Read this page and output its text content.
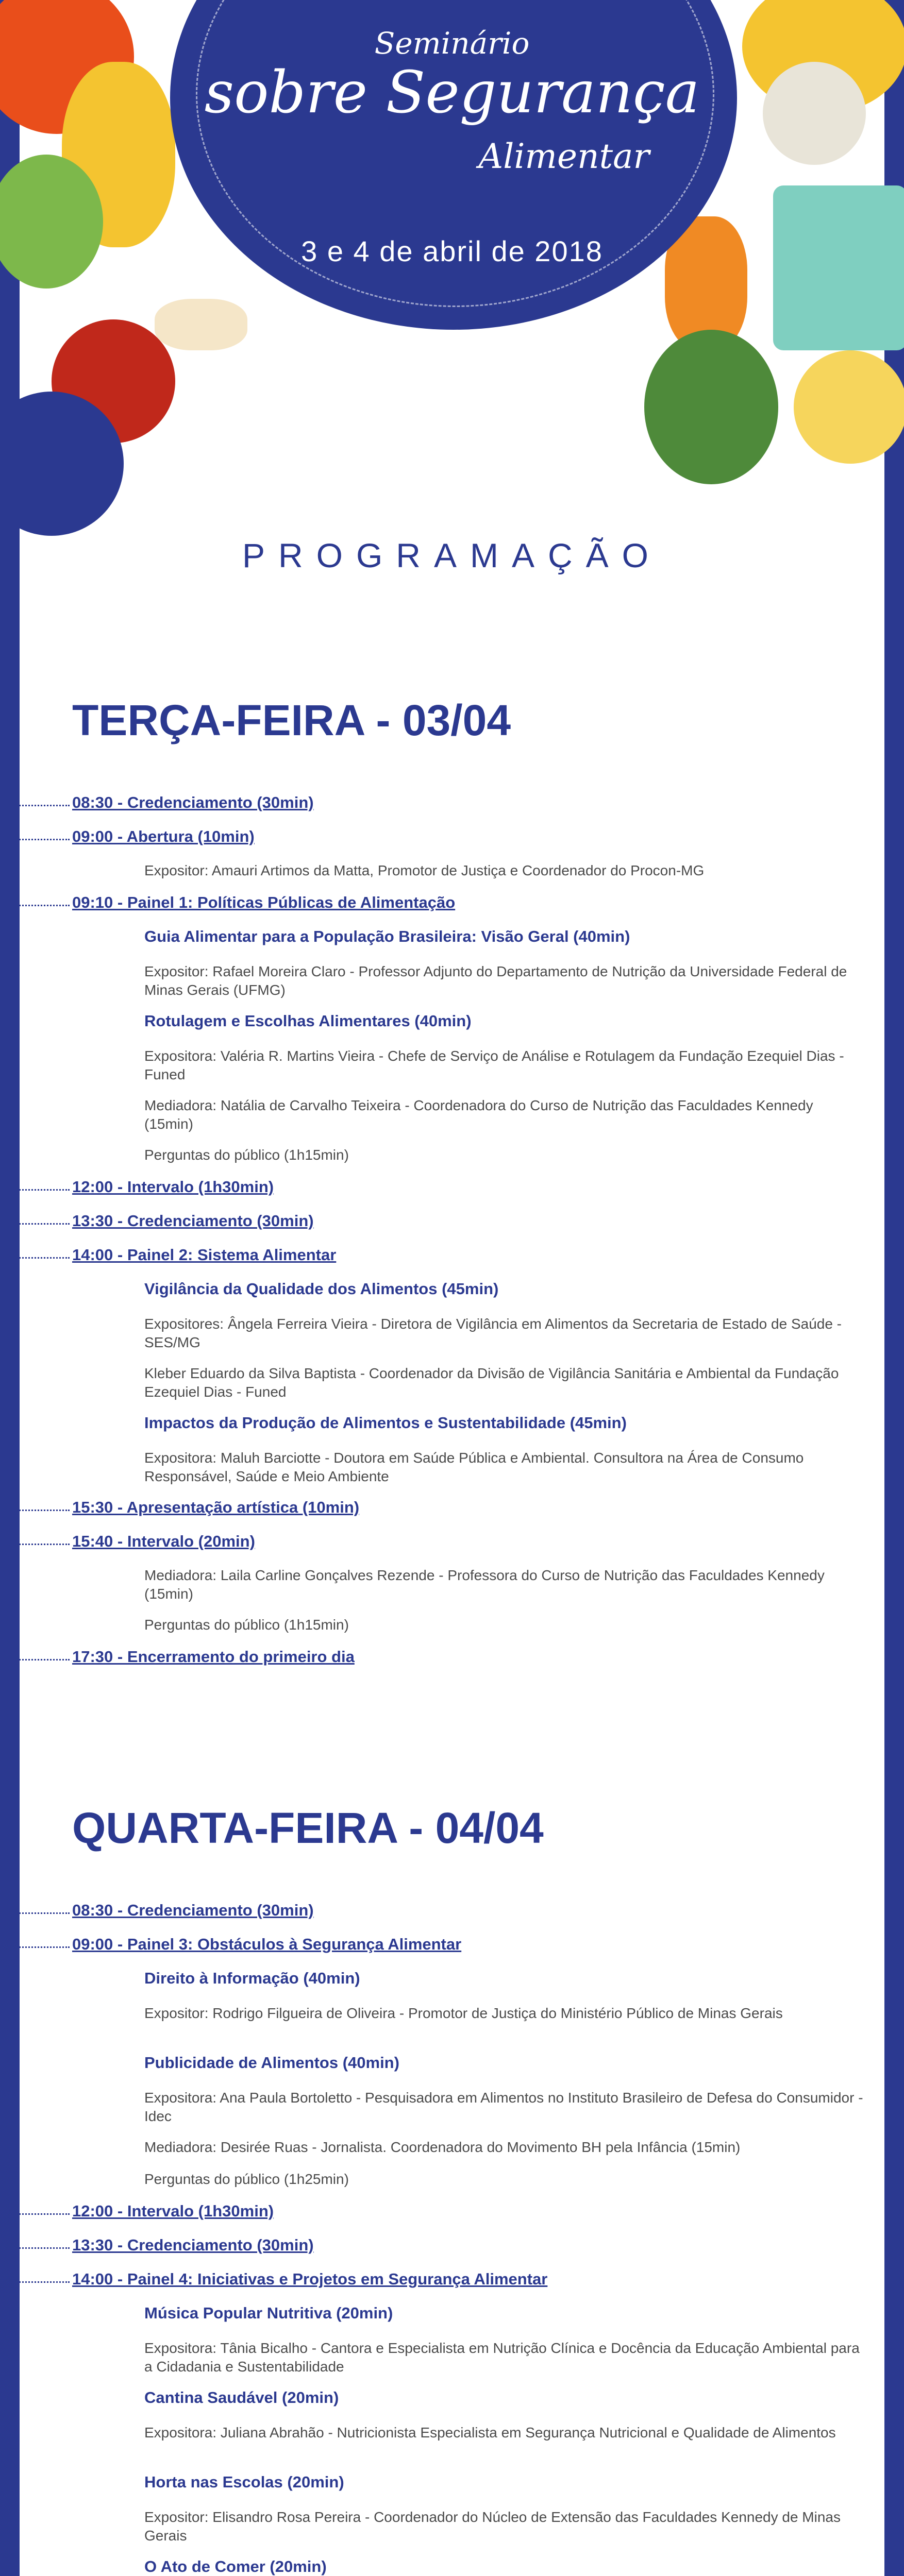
Seminário
sobre Segurança
Alimentar
3 e 4 de abril de 2018
PROGRAMAÇÃO
TERÇA-FEIRA - 03/04
08:30 - Credenciamento (30min)
09:00 - Abertura (10min)
Expositor: Amauri Artimos da Matta, Promotor de Justiça e Coordenador do Procon-MG
09:10 - Painel 1: Políticas Públicas de Alimentação
Guia Alimentar para a População Brasileira: Visão Geral (40min)
Expositor: Rafael Moreira Claro - Professor Adjunto do Departamento de Nutrição da Universidade Federal de Minas Gerais (UFMG)
Rotulagem e Escolhas Alimentares (40min)
Expositora: Valéria R. Martins Vieira - Chefe de Serviço de Análise e Rotulagem da Fundação Ezequiel Dias - Funed
Mediadora: Natália de Carvalho Teixeira - Coordenadora do Curso de Nutrição das Faculdades Kennedy (15min)
Perguntas do público (1h15min)
12:00 - Intervalo (1h30min)
13:30 - Credenciamento (30min)
14:00 - Painel 2: Sistema Alimentar
Vigilância da Qualidade dos Alimentos (45min)
Expositores: Ângela Ferreira Vieira - Diretora de Vigilância em Alimentos da Secretaria de Estado de Saúde - SES/MG
Kleber Eduardo da Silva Baptista - Coordenador da Divisão de Vigilância Sanitária e Ambiental da Fundação Ezequiel Dias - Funed
Impactos da Produção de Alimentos e Sustentabilidade (45min)
Expositora: Maluh Barciotte - Doutora em Saúde Pública e Ambiental. Consultora na Área de Consumo Responsável, Saúde e Meio Ambiente
15:30 - Apresentação artística (10min)
15:40 - Intervalo (20min)
Mediadora: Laila Carline Gonçalves Rezende - Professora do Curso de Nutrição das Faculdades Kennedy (15min)
Perguntas do público (1h15min)
17:30 - Encerramento do primeiro dia
QUARTA-FEIRA - 04/04
08:30 - Credenciamento (30min)
09:00 - Painel 3: Obstáculos à Segurança Alimentar
Direito à Informação (40min)
Expositor: Rodrigo Filgueira de Oliveira - Promotor de Justiça do Ministério Público de Minas Gerais
Publicidade de Alimentos (40min)
Expositora: Ana Paula Bortoletto - Pesquisadora em Alimentos no Instituto Brasileiro de Defesa do Consumidor - Idec
Mediadora: Desirée Ruas - Jornalista. Coordenadora do Movimento BH pela Infância (15min)
Perguntas do público (1h25min)
12:00 - Intervalo (1h30min)
13:30 - Credenciamento (30min)
14:00 - Painel 4: Iniciativas e Projetos em Segurança Alimentar
Música Popular Nutritiva (20min)
Expositora: Tânia Bicalho - Cantora e Especialista em Nutrição Clínica e Docência da Educação Ambiental para a Cidadania e Sustentabilidade
Cantina Saudável (20min)
Expositora: Juliana Abrahão - Nutricionista Especialista em Segurança Nutricional e Qualidade de Alimentos
Horta nas Escolas (20min)
Expositor: Elisandro Rosa Pereira - Coordenador do Núcleo de Extensão das Faculdades Kennedy de Minas Gerais
O Ato de Comer (20min)
